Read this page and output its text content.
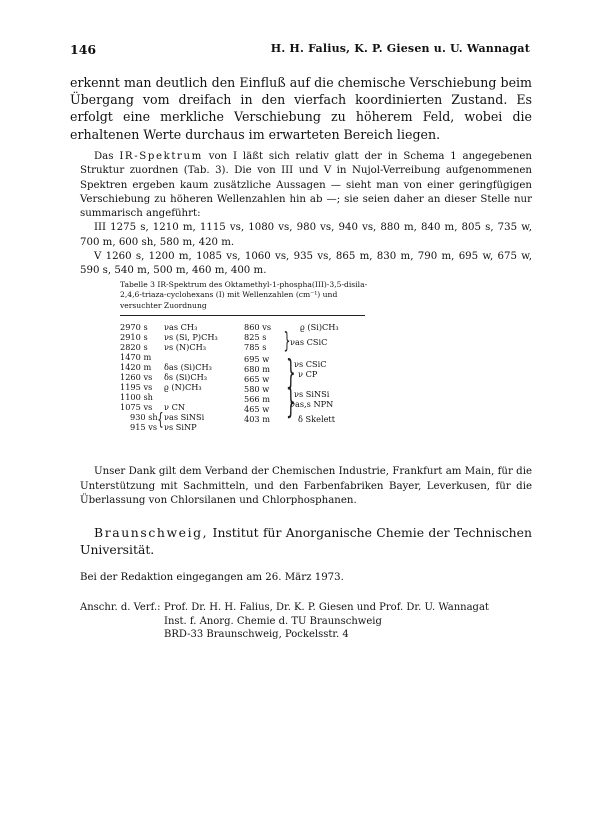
146	H. H. Falius, K. P. Giesen u. U. Wannagat

erkennt man deutlich den Einfluß auf die chemische Verschiebung beim Übergang vom dreifach in den vierfach koordinierten Zustand. Es erfolgt eine merkliche Verschiebung zu höherem Feld, wobei die erhaltenen Werte durchaus im erwarteten Bereich liegen.

Das IR-Spektrum von I läßt sich relativ glatt der in Schema 1 angegebenen Struktur zuordnen (Tab. 3). Die von III und V in Nujol-Verreibung aufgenommenen Spektren ergeben kaum zusätzliche Aussagen — sieht man von einer geringfügigen Verschiebung zu höheren Wellenzahlen hin ab —; sie seien daher an dieser Stelle nur summarisch angeführt:

III 1275 s, 1210 m, 1115 vs, 1080 vs, 980 vs, 940 vs, 880 m, 840 m, 805 s, 735 w, 700 m, 600 sh, 580 m, 420 m.

V 1260 s, 1200 m, 1085 vs, 1060 vs, 935 vs, 865 m, 830 m, 790 m, 695 w, 675 w, 590 s, 540 m, 500 m, 460 m, 400 m.

Tabelle 3 IR-Spektrum des Oktamethyl-1-phospha(III)-3,5-disila-2,4,6-triaza-cyclohexans (I) mit Wellenzahlen (cm⁻¹) und versuchter Zuordnung
2970 s νas CH₃
2910 s νs (Si, P)CH₃
2820 s νs (N)CH₃
1470 m
1420 m δas (Si)CH₃
1260 vs δs (Si)CH₃
1195 vs ϱ (N)CH₃
1100 sh
1075 vs ν CN
930 sh νas SiNSi
915 vs νs SiNP
{
860 vs
825 s
785 s
695 w
680 m
665 w
580 w
566 m
465 w
403 m
}
}
}
ϱ (Si)CH₃
νas CSiC
νs CSiC
ν CP
νs SiNSi
νas,s NPN
δ Skelett

Unser Dank gilt dem Verband der Chemischen Industrie, Frankfurt am Main, für die Unterstützung mit Sachmitteln, und den Farbenfabriken Bayer, Leverkusen, für die Überlassung von Chlorsilanen und Chlorphosphanen.

Braunschweig, Institut für Anorganische Chemie der Technischen Universität.

Bei der Redaktion eingegangen am 26. März 1973.
Anschr. d. Verf.: Prof. Dr. H. H. Falius, Dr. K. P. Giesen und Prof. Dr. U. Wannagat
Inst. f. Anorg. Chemie d. TU Braunschweig
BRD-33 Braunschweig, Pockelsstr. 4
